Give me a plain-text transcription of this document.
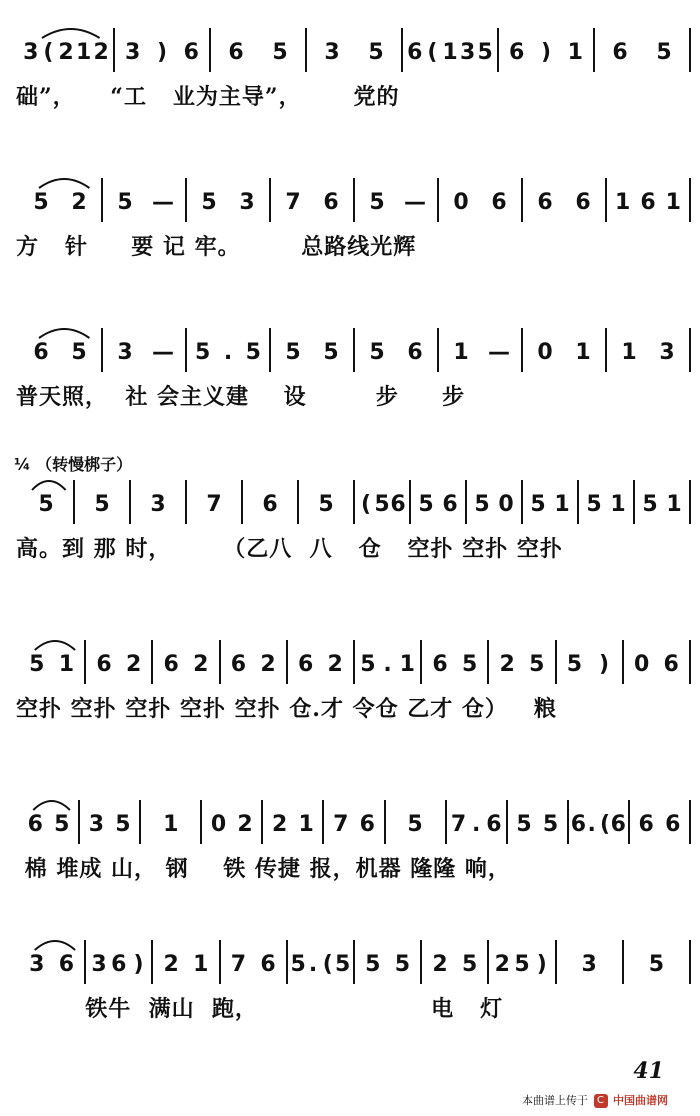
3 ( 2 1 2 3 ) 6 6 5 3 5 6 ( 1 3 5 6 ) 1 6 5
础”，    “工   业为主导”，      党的
5 2 5 — 5 3 7 6 5 — 0 6 6 6 1 6 1
方   针     要 记 牢。       总路线光辉
6 5 3 — 5 . 5 5 5 5 6 1 — 0 1 1 3
普天照，  社 会主义建    设        步     步
¼ （转慢梆子）
5 5 3 7 6 5	( 5 6 5 6 5 0 5 1 5 1 5 1
高。到 那 时，      （乙八  八   仓   空扑 空扑 空扑
5 1 6 2 6 2 6 2 6 2 5 . 1 6 5 2 5 5 )	0 6
空扑 空扑 空扑 空扑 空扑 仓.才 令仓 乙才 仓）   粮
6 5 3 5 1 0 2 2 1 7 6 5 7 . 6 5 5 6 . ( 6 6 6
棉 堆成 山， 钢    铁 传捷 报，机器 隆隆 响，
3 6 3 6 ) 2 1 7 6 5 . ( 5 5 5 2 5 2 5 )	3 5
铁牛  满山  跑，                    电   灯
41
本曲谱上传于 C 中国曲谱网
